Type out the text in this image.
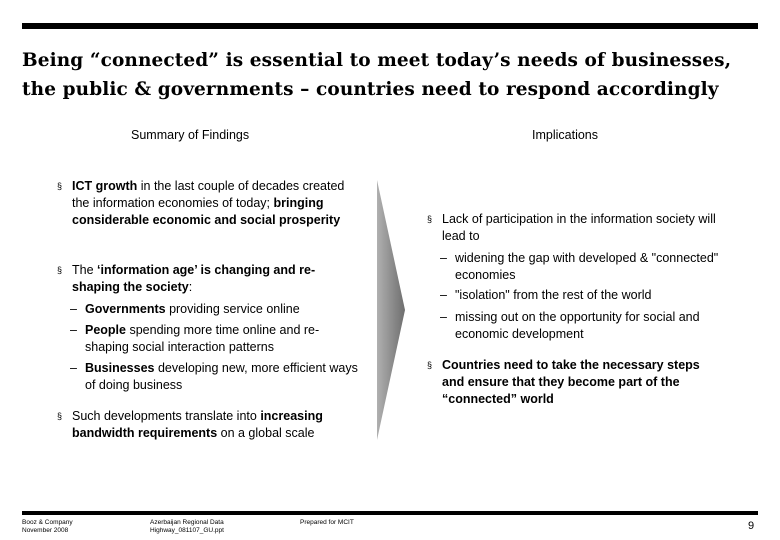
Being “connected” is essential to meet today’s needs of businesses,
the public & governments – countries need to respond accordingly
Summary of Findings	Implications
§ ICT growth in the last couple of decades created the information economies of today; bringing considerable economic and social prosperity
§ The ‘information age’ is changing and re-shaping the society:
– Governments providing service online
– People spending more time online and re-shaping social interaction patterns
– Businesses developing new, more efficient ways of doing business
§ Such developments translate into increasing bandwidth requirements on a global scale
§ Lack of participation in the information society will lead to
– widening the gap with developed & "connected" economies
– "isolation" from the rest of the world
– missing out on the opportunity for social and economic development
§ Countries need to take the necessary steps and ensure that they become part of the “connected” world
Booz & Company
November 2008
Azerbaijan Regional Data
Highway_081107_GU.ppt
Prepared for MCIT	9
